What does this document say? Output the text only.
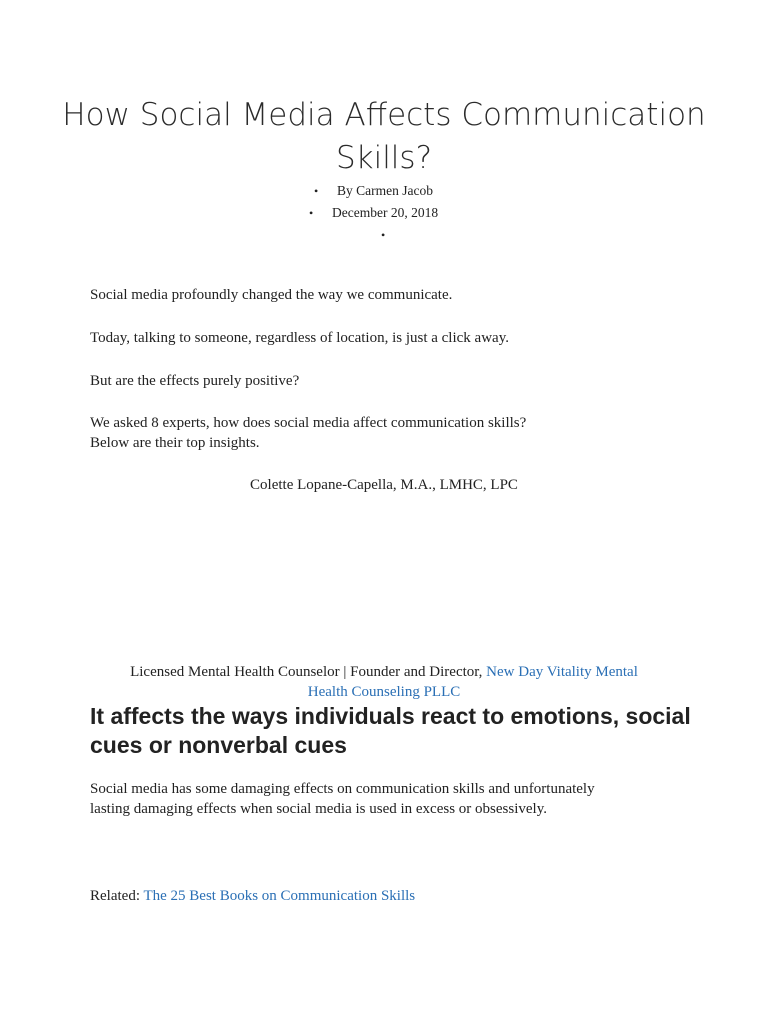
How Social Media Affects Communication Skills?
• By Carmen Jacob
• December 20, 2018
•

Social media profoundly changed the way we communicate.

Today, talking to someone, regardless of location, is just a click away.

But are the effects purely positive?

We asked 8 experts, how does social media affect communication skills?
Below are their top insights.

Colette Lopane-Capella, M.A., LMHC, LPC

Licensed Mental Health Counselor | Founder and Director, New Day Vitality Mental

Health Counseling PLLC

It affects the ways individuals react to emotions, social cues or nonverbal cues

Social media has some damaging effects on communication skills and unfortunately
lasting damaging effects when social media is used in excess or obsessively.

Related: The 25 Best Books on Communication Skills
